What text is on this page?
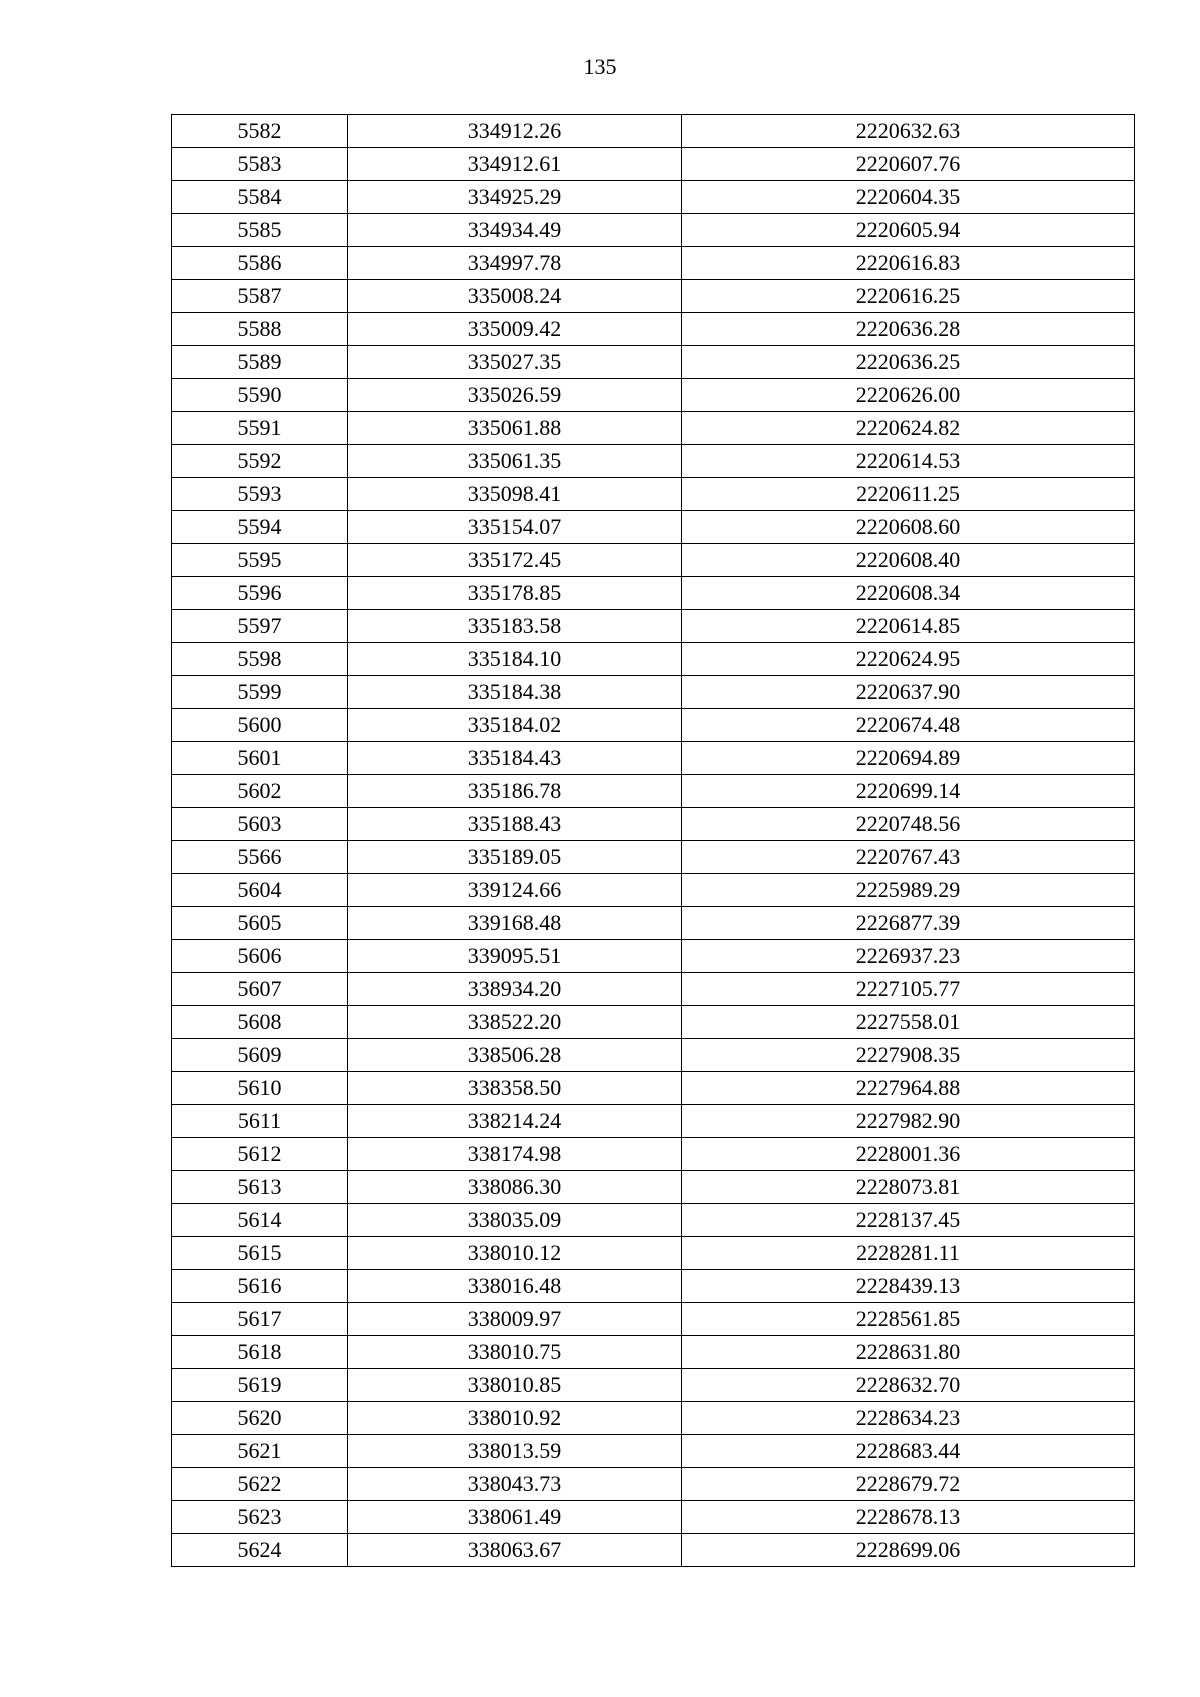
135
5582	334912.26	2220632.63
5583	334912.61	2220607.76
5584	334925.29	2220604.35
5585	334934.49	2220605.94
5586	334997.78	2220616.83
5587	335008.24	2220616.25
5588	335009.42	2220636.28
5589	335027.35	2220636.25
5590	335026.59	2220626.00
5591	335061.88	2220624.82
5592	335061.35	2220614.53
5593	335098.41	2220611.25
5594	335154.07	2220608.60
5595	335172.45	2220608.40
5596	335178.85	2220608.34
5597	335183.58	2220614.85
5598	335184.10	2220624.95
5599	335184.38	2220637.90
5600	335184.02	2220674.48
5601	335184.43	2220694.89
5602	335186.78	2220699.14
5603	335188.43	2220748.56
5566	335189.05	2220767.43
5604	339124.66	2225989.29
5605	339168.48	2226877.39
5606	339095.51	2226937.23
5607	338934.20	2227105.77
5608	338522.20	2227558.01
5609	338506.28	2227908.35
5610	338358.50	2227964.88
5611	338214.24	2227982.90
5612	338174.98	2228001.36
5613	338086.30	2228073.81
5614	338035.09	2228137.45
5615	338010.12	2228281.11
5616	338016.48	2228439.13
5617	338009.97	2228561.85
5618	338010.75	2228631.80
5619	338010.85	2228632.70
5620	338010.92	2228634.23
5621	338013.59	2228683.44
5622	338043.73	2228679.72
5623	338061.49	2228678.13
5624	338063.67	2228699.06
